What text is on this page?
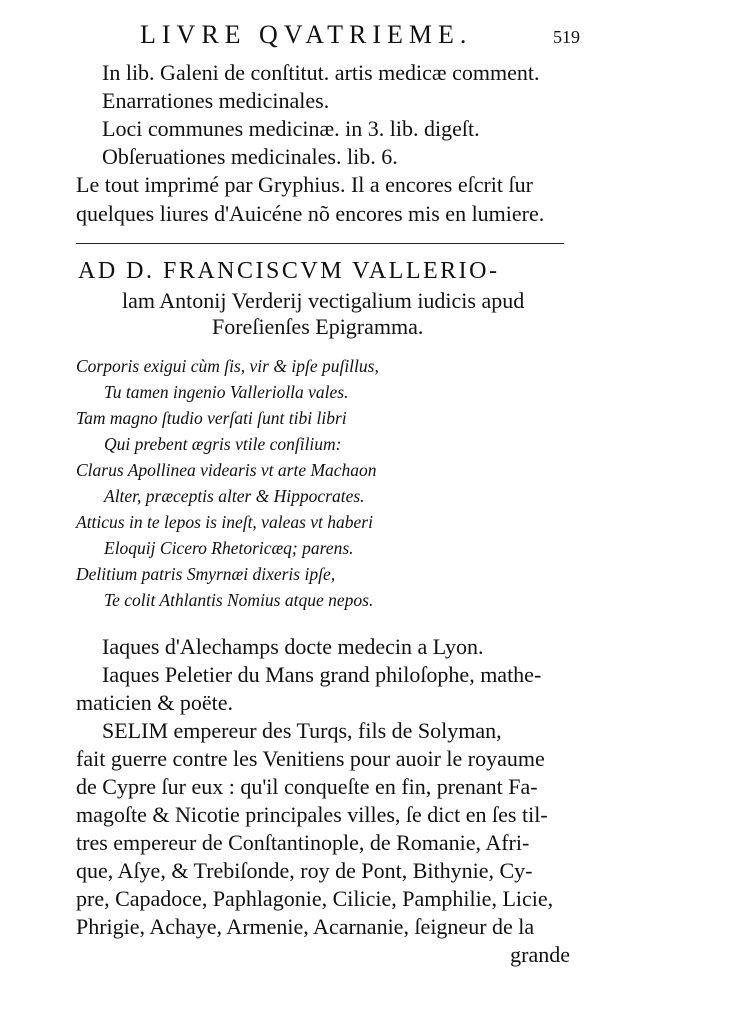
LIVRE QVATRIEME.	519
In lib. Galeni de conſtitut. artis medicæ comment.
Enarrationes medicinales.
Loci communes medicinæ. in 3. lib. digeſt.
Obſeruationes medicinales. lib. 6.
Le tout imprimé par Gryphius. Il a encores eſcrit ſur
quelques liures d'Auicéne nõ encores mis en lumiere.
AD D. FRANCISCVM VALLERIO-
lam Antonij Verderij vectigalium iudicis apud
Foreſienſes Epigramma.
Corporis exigui cùm ſis, vir & ipſe puſillus,
Tu tamen ingenio Valleriolla vales.
Tam magno ſtudio verſati ſunt tibi libri
Qui prebent ægris vtile conſilium:
Clarus Apollinea videaris vt arte Machaon
Alter, præceptis alter & Hippocrates.
Atticus in te lepos is ineſt, valeas vt haberi
Eloquij Cicero Rhetoricæq; parens.
Delitium patris Smyrnæi dixeris ipſe,
Te colit Athlantis Nomius atque nepos.
Iaques d'Alechamps docte medecin a Lyon.
Iaques Peletier du Mans grand philoſophe, mathe-
maticien & poëte.
SELIM empereur des Turqs, fils de Solyman,
fait guerre contre les Venitiens pour auoir le royaume
de Cypre ſur eux : qu'il conqueſte en fin, prenant Fa-
magoſte & Nicotie principales villes, ſe dict en ſes til-
tres empereur de Conſtantinople, de Romanie, Afri-
que, Aſye, & Trebiſonde, roy de Pont, Bithynie, Cy-
pre, Capadoce, Paphlagonie, Cilicie, Pamphilie, Licie,
Phrigie, Achaye, Armenie, Acarnanie, ſeigneur de la
grande
